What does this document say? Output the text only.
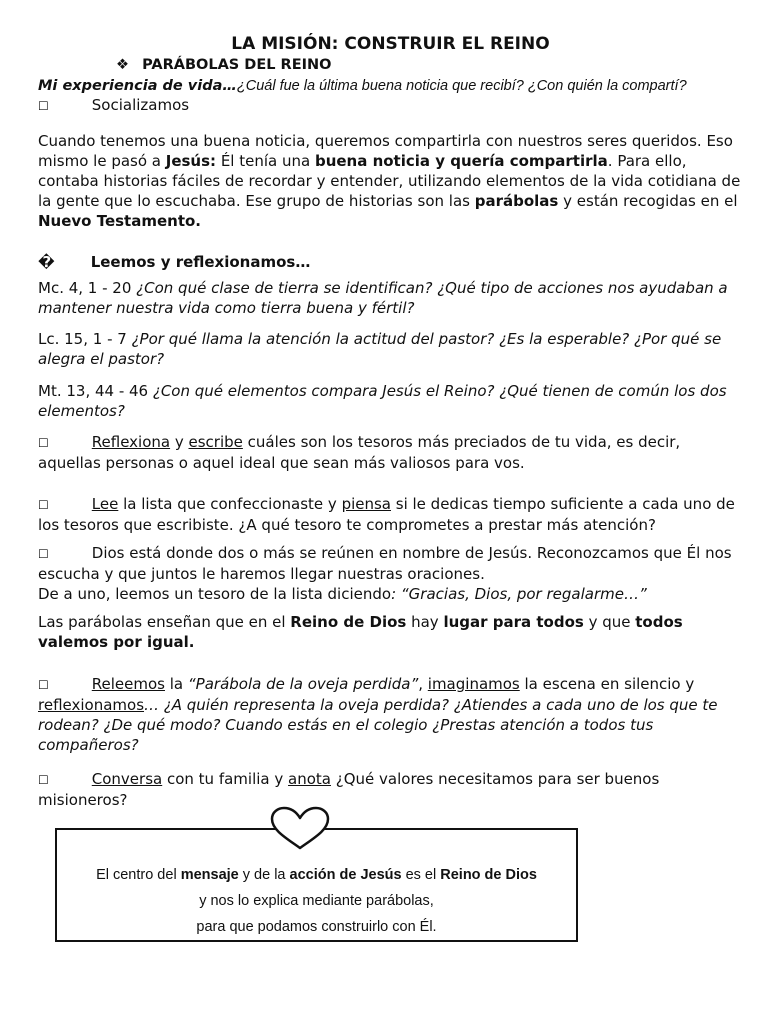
LA MISIÓN: CONSTRUIR EL REINO
❖ PARÁBOLAS DEL REINO
Mi experiencia de vida…¿Cuál fue la última buena noticia que recibí? ¿Con quién la compartí?
☐	Socializamos
Cuando tenemos una buena noticia, queremos compartirla con nuestros seres queridos. Eso mismo le pasó a Jesús: Él tenía una buena noticia y quería compartirla. Para ello, contaba historias fáciles de recordar y entender, utilizando elementos de la vida cotidiana de la gente que lo escuchaba. Ese grupo de historias son las parábolas y están recogidas en el Nuevo Testamento.
� Leemos y reflexionamos…
Mc. 4, 1 - 20 ¿Con qué clase de tierra se identifican? ¿Qué tipo de acciones nos ayudaban a mantener nuestra vida como tierra buena y fértil?
Lc. 15, 1 - 7 ¿Por qué llama la atención la actitud del pastor? ¿Es la esperable? ¿Por qué se alegra el pastor?
Mt. 13, 44 - 46 ¿Con qué elementos compara Jesús el Reino? ¿Qué tienen de común los dos elementos?
☐	Reflexiona y escribe cuáles son los tesoros más preciados de tu vida, es decir, aquellas personas o aquel ideal que sean más valiosos para vos.
☐	Lee la lista que confeccionaste y piensa si le dedicas tiempo suficiente a cada uno de los tesoros que escribiste. ¿A qué tesoro te comprometes a prestar más atención?
☐	Dios está donde dos o más se reúnen en nombre de Jesús. Reconozcamos que Él nos escucha y que juntos le haremos llegar nuestras oraciones.
De a uno, leemos un tesoro de la lista diciendo: “Gracias, Dios, por regalarme…”
Las parábolas enseñan que en el Reino de Dios hay lugar para todos y que todos valemos por igual.
☐	Releemos la “Parábola de la oveja perdida”, imaginamos la escena en silencio y reflexionamos… ¿A quién representa la oveja perdida? ¿Atiendes a cada uno de los que te rodean? ¿De qué modo? Cuando estás en el colegio ¿Prestas atención a todos tus compañeros?
☐	Conversa con tu familia y anota ¿Qué valores necesitamos para ser buenos misioneros?
El centro del mensaje y de la acción de Jesús es el Reino de Dios
y nos lo explica mediante parábolas,
para que podamos construirlo con Él.
